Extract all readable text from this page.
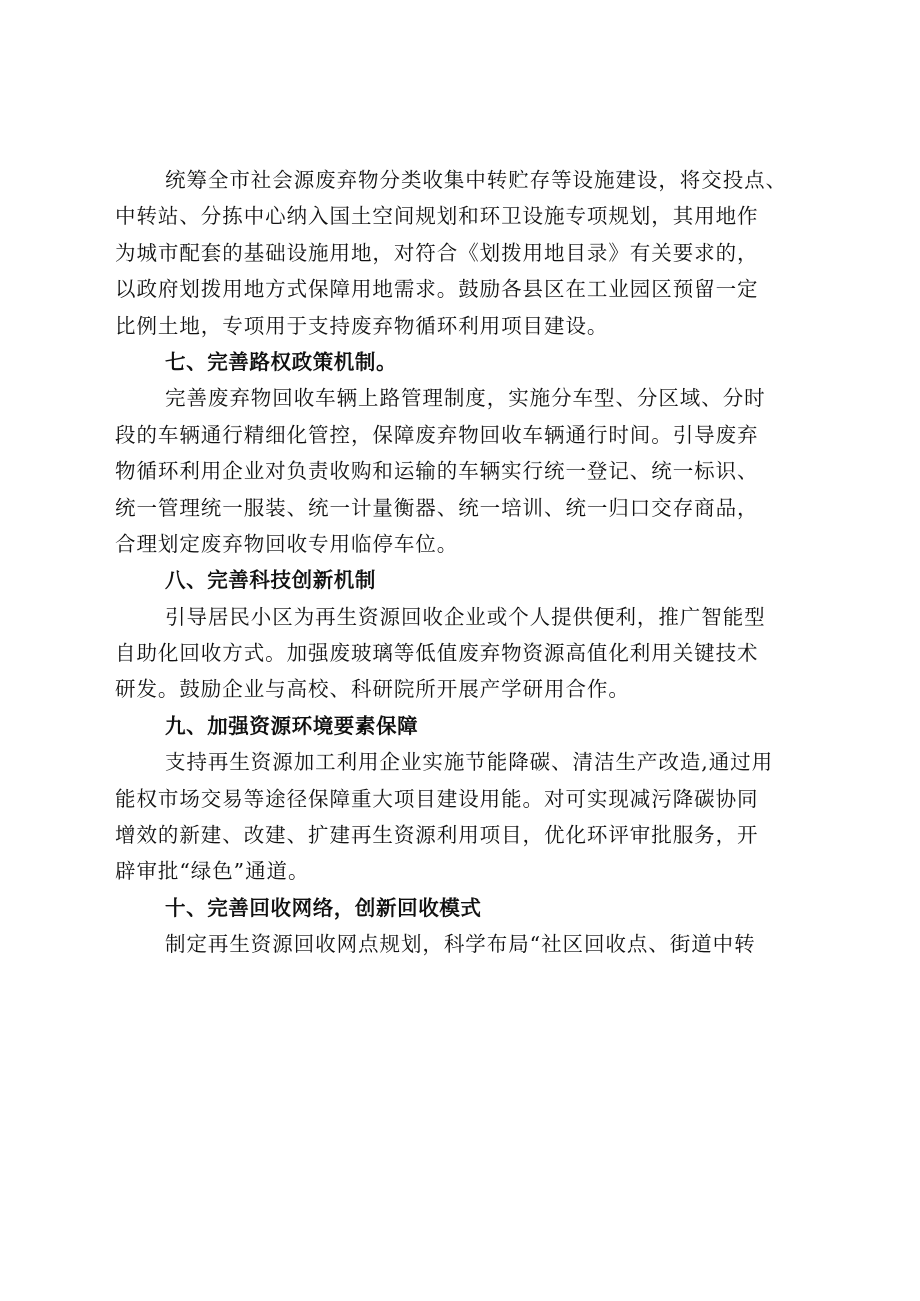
统筹全市社会源废弃物分类收集中转贮存等设施建设，将交投点、
中转站、分拣中心纳入国土空间规划和环卫设施专项规划，其用地作
为城市配套的基础设施用地，对符合《划拨用地目录》有关要求的，
以政府划拨用地方式保障用地需求。鼓励各县区在工业园区预留一定
比例土地，专项用于支持废弃物循环利用项目建设。
七、完善路权政策机制。
完善废弃物回收车辆上路管理制度，实施分车型、分区域、分时
段的车辆通行精细化管控，保障废弃物回收车辆通行时间。引导废弃
物循环利用企业对负责收购和运输的车辆实行统一登记、统一标识、
统一管理统一服装、统一计量衡器、统一培训、统一归口交存商品，
合理划定废弃物回收专用临停车位。
八、完善科技创新机制
引导居民小区为再生资源回收企业或个人提供便利，推广智能型
自助化回收方式。加强废玻璃等低值废弃物资源高值化利用关键技术
研发。鼓励企业与高校、科研院所开展产学研用合作。
九、加强资源环境要素保障
支持再生资源加工利用企业实施节能降碳、清洁生产改造,通过用
能权市场交易等途径保障重大项目建设用能。对可实现减污降碳协同
增效的新建、改建、扩建再生资源利用项目，优化环评审批服务，开
辟审批“绿色”通道。
十、完善回收网络，创新回收模式
制定再生资源回收网点规划，科学布局“社区回收点、街道中转
